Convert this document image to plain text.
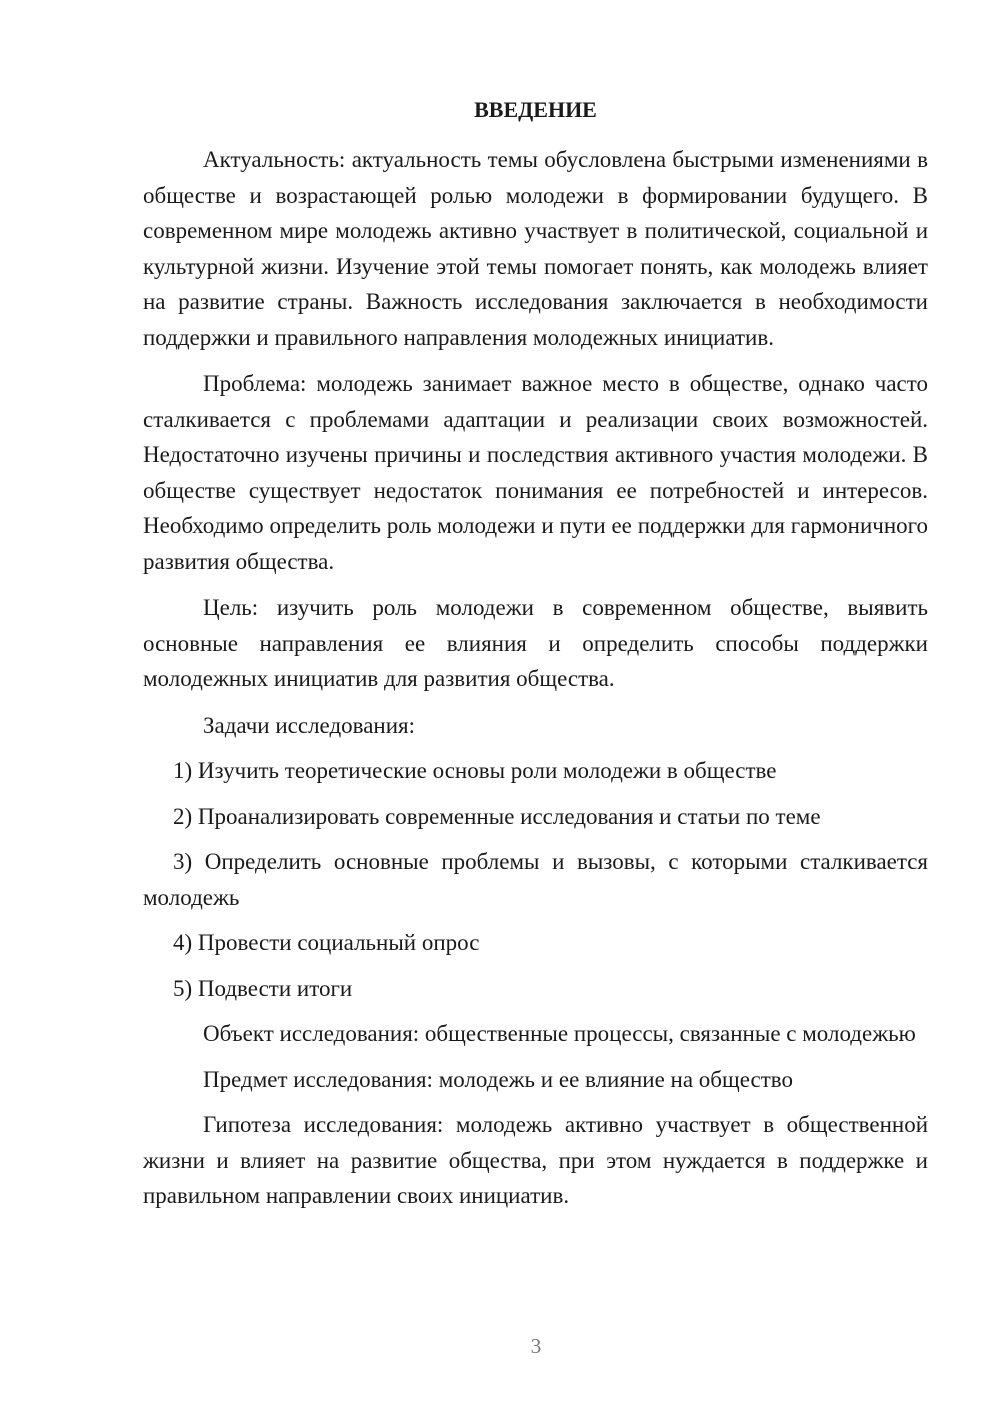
ВВЕДЕНИЕ

Актуальность: актуальность темы обусловлена быстрыми изменениями в обществе и возрастающей ролью молодежи в формировании будущего. В современном мире молодежь активно участвует в политической, социальной и культурной жизни. Изучение этой темы помогает понять, как молодежь влияет на развитие страны. Важность исследования заключается в необходимости поддержки и правильного направления молодежных инициатив.

Проблема: молодежь занимает важное место в обществе, однако часто сталкивается с проблемами адаптации и реализации своих возможностей. Недостаточно изучены причины и последствия активного участия молодежи. В обществе существует недостаток понимания ее потребностей и интересов. Необходимо определить роль молодежи и пути ее поддержки для гармоничного развития общества.

Цель: изучить роль молодежи в современном обществе, выявить основные направления ее влияния и определить способы поддержки молодежных инициатив для развития общества.

Задачи исследования:

1) Изучить теоретические основы роли молодежи в обществе

2) Проанализировать современные исследования и статьи по теме

3) Определить основные проблемы и вызовы, с которыми сталкивается молодежь

4) Провести социальный опрос

5) Подвести итоги

Объект исследования: общественные процессы, связанные с молодежью

Предмет исследования: молодежь и ее влияние на общество

Гипотеза исследования: молодежь активно участвует в общественной жизни и влияет на развитие общества, при этом нуждается в поддержке и правильном направлении своих инициатив.

3
